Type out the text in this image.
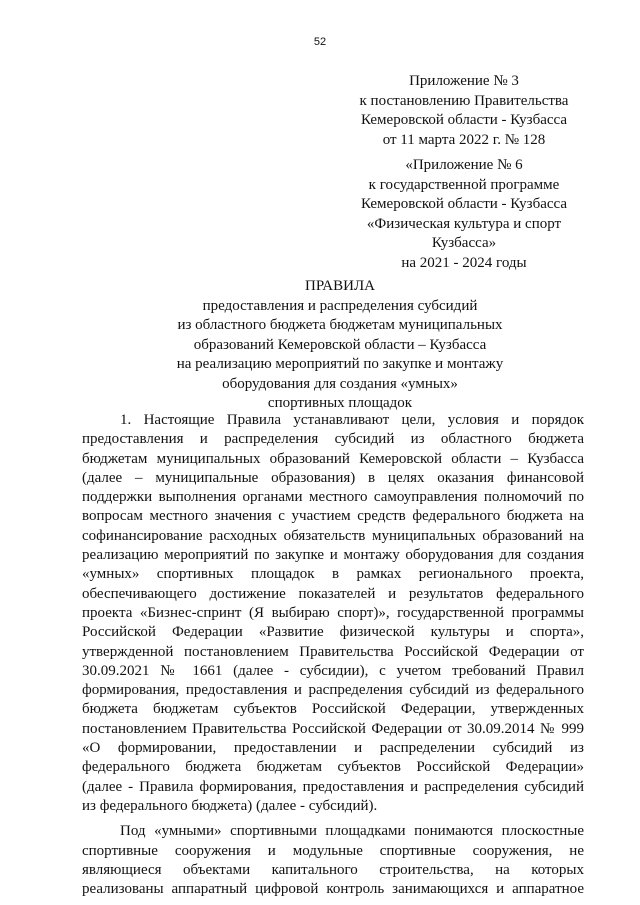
52
Приложение № 3
к постановлению Правительства
Кемеровской области - Кузбасса
от 11 марта 2022 г. № 128
«Приложение № 6
к государственной программе
Кемеровской области - Кузбасса
«Физическая культура и спорт
Кузбасса»
на 2021 - 2024 годы
ПРАВИЛА
предоставления и распределения субсидий
из областного бюджета бюджетам муниципальных
образований Кемеровской области – Кузбасса
на реализацию мероприятий по закупке и монтажу
оборудования для создания «умных»
спортивных площадок
1. Настоящие Правила устанавливают цели, условия и порядок
предоставления и распределения субсидий из областного бюджета
бюджетам муниципальных образований Кемеровской области – Кузбасса
(далее – муниципальные образования) в целях оказания финансовой
поддержки выполнения органами местного самоуправления полномочий по
вопросам местного значения с участием средств федерального бюджета на
софинансирование расходных обязательств муниципальных образований на
реализацию мероприятий по закупке и монтажу оборудования для создания
«умных» спортивных площадок в рамках регионального проекта,
обеспечивающего достижение показателей и результатов федерального
проекта «Бизнес-спринт (Я выбираю спорт)», государственной программы
Российской Федерации «Развитие физической культуры и спорта»,
утвержденной постановлением Правительства Российской Федерации от
30.09.2021 № 1661 (далее - субсидии), с учетом требований Правил
формирования, предоставления и распределения субсидий из федерального
бюджета бюджетам субъектов Российской Федерации, утвержденных
постановлением Правительства Российской Федерации от 30.09.2014 № 999
«О формировании, предоставлении и распределении субсидий из
федерального бюджета бюджетам субъектов Российской Федерации»
(далее - Правила формирования, предоставления и распределения субсидий
из федерального бюджета) (далее - субсидий).
Под «умными» спортивными площадками понимаются плоскостные
спортивные сооружения и модульные спортивные сооружения, не
являющиеся объектами капитального строительства, на которых
реализованы аппаратный цифровой контроль занимающихся и аппаратное
